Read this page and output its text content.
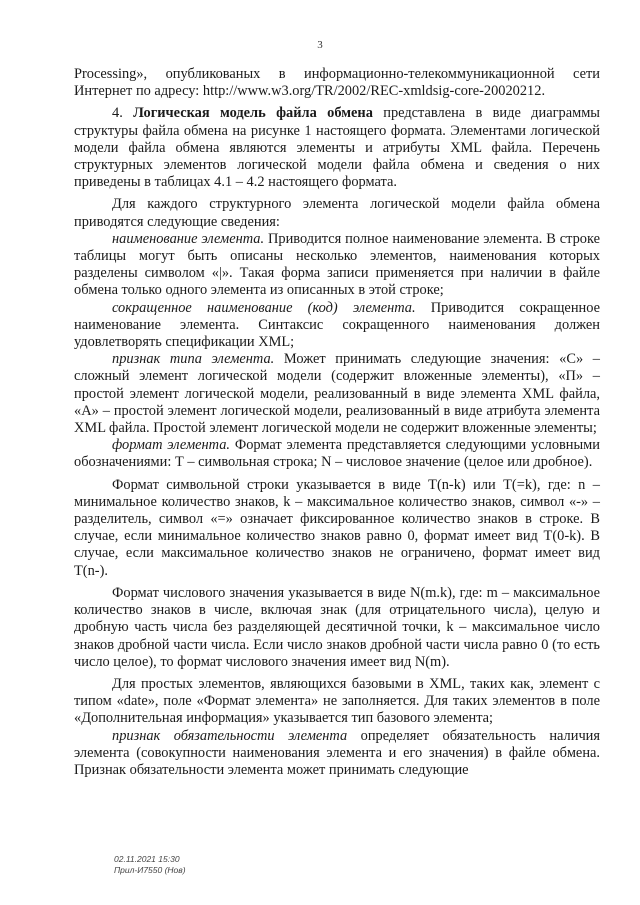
3

Processing», опубликованых в информационно-телекоммуникационной сети Интернет по адресу: http://www.w3.org/TR/2002/REC-xmldsig-core-20020212.

4. Логическая модель файла обмена представлена в виде диаграммы структуры файла обмена на рисунке 1 настоящего формата. Элементами логической модели файла обмена являются элементы и атрибуты XML файла. Перечень структурных элементов логической модели файла обмена и сведения о них приведены в таблицах 4.1 – 4.2 настоящего формата.

Для каждого структурного элемента логической модели файла обмена приводятся следующие сведения:

наименование элемента. Приводится полное наименование элемента. В строке таблицы могут быть описаны несколько элементов, наименования которых разделены символом «|». Такая форма записи применяется при наличии в файле обмена только одного элемента из описанных в этой строке;

сокращенное наименование (код) элемента. Приводится сокращенное наименование элемента. Синтаксис сокращенного наименования должен удовлетворять спецификации XML;

признак типа элемента. Может принимать следующие значения: «С» – сложный элемент логической модели (содержит вложенные элементы), «П» – простой элемент логической модели, реализованный в виде элемента XML файла, «А» – простой элемент логической модели, реализованный в виде атрибута элемента XML файла. Простой элемент логической модели не содержит вложенные элементы;

формат элемента. Формат элемента представляется следующими условными обозначениями: Т – символьная строка; N – числовое значение (целое или дробное).

Формат символьной строки указывается в виде T(n-k) или T(=k), где: n – минимальное количество знаков, k – максимальное количество знаков, символ «-» – разделитель, символ «=» означает фиксированное количество знаков в строке. В случае, если минимальное количество знаков равно 0, формат имеет вид T(0-k). В случае, если максимальное количество знаков не ограничено, формат имеет вид T(n-).

Формат числового значения указывается в виде N(m.k), где: m – максимальное количество знаков в числе, включая знак (для отрицательного числа), целую и дробную часть числа без разделяющей десятичной точки, k – максимальное число знаков дробной части числа. Если число знаков дробной части числа равно 0 (то есть число целое), то формат числового значения имеет вид N(m).

Для простых элементов, являющихся базовыми в XML, таких как, элемент с типом «date», поле «Формат элемента» не заполняется. Для таких элементов в поле «Дополнительная информация» указывается тип базового элемента;

признак обязательности элемента определяет обязательность наличия элемента (совокупности наименования элемента и его значения) в файле обмена. Признак обязательности элемента может принимать следующие

02.11.2021 15:30
Прил-И7550 (Нов)
